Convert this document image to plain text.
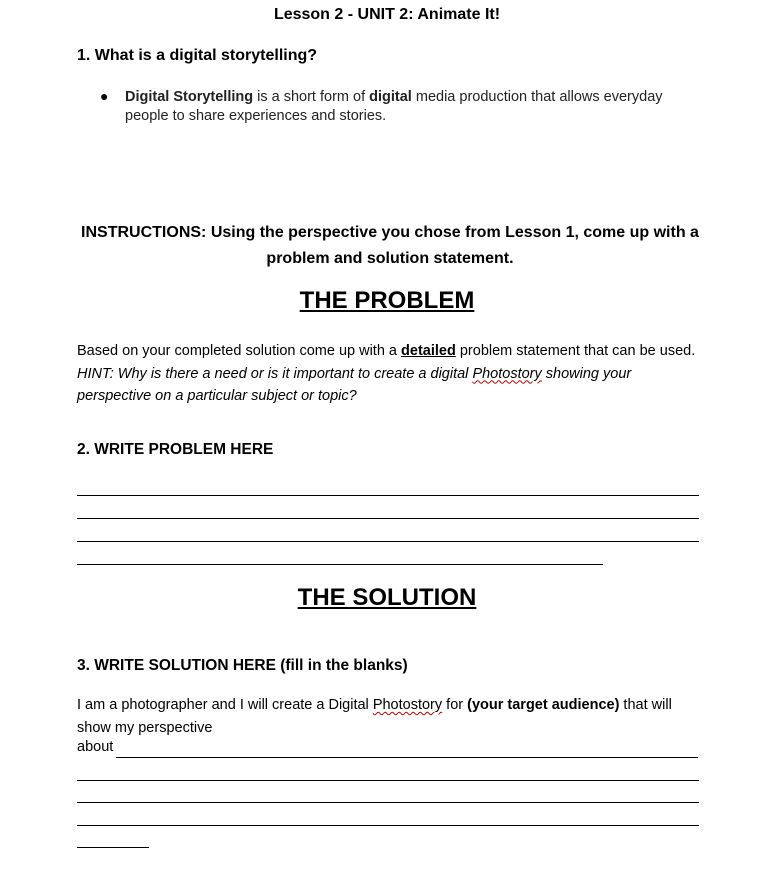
Lesson 2 - UNIT 2: Animate It!
1. What is a digital storytelling?
● Digital Storytelling is a short form of digital media production that allows everyday people to share experiences and stories.
INSTRUCTIONS: Using the perspective you chose from Lesson 1, come up with a
problem and solution statement.
THE PROBLEM
Based on your completed solution come up with a detailed problem statement that can be used. HINT: Why is there a need or is it important to create a digital Photostory showing your perspective on a particular subject or topic?
2. WRITE PROBLEM HERE
THE SOLUTION
3. WRITE SOLUTION HERE (fill in the blanks)
I am a photographer and I will create a Digital Photostory for (your target audience) that will show my perspective
about
